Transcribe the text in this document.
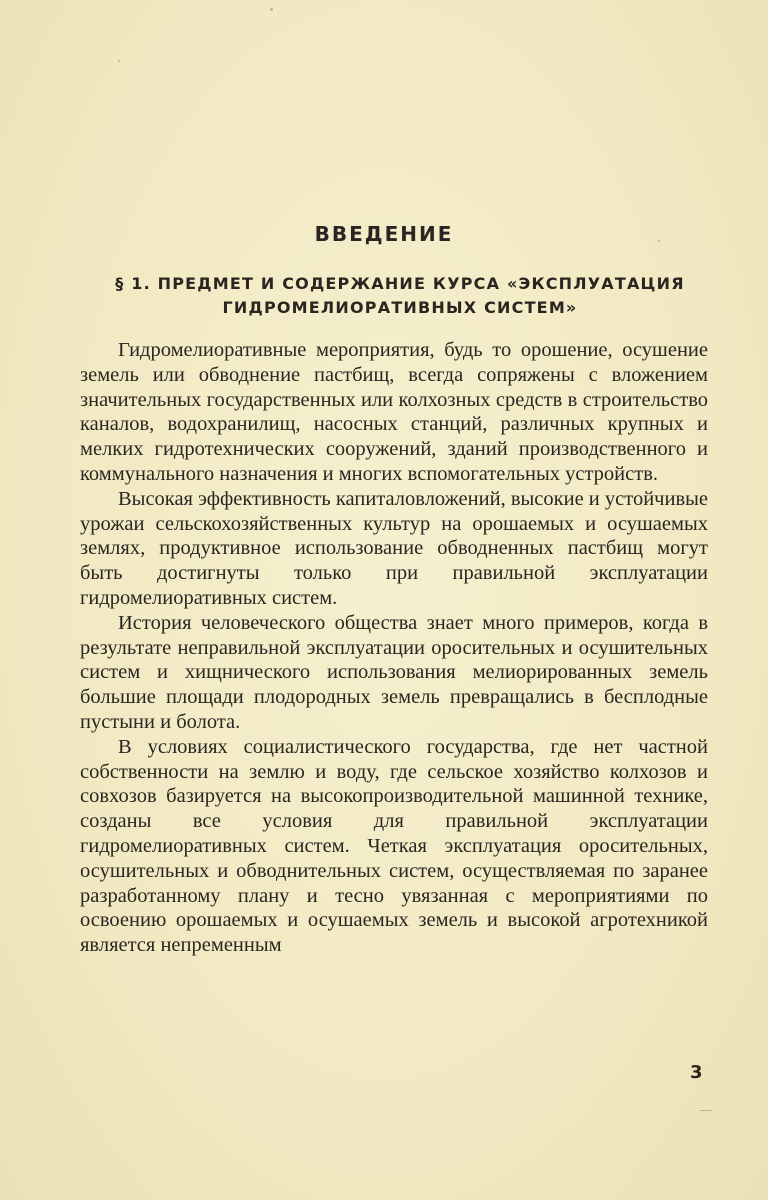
ВВЕДЕНИЕ
§ 1. ПРЕДМЕТ И СОДЕРЖАНИЕ КУРСА «ЭКСПЛУАТАЦИЯ
ГИДРОМЕЛИОРАТИВНЫХ СИСТЕМ»

Гидромелиоративные мероприятия, будь то орошение, осушение земель или обводнение пастбищ, всегда сопряжены с вложением значительных государственных или колхозных средств в строительство каналов, водохранилищ, насосных станций, различных крупных и мелких гидротехнических сооружений, зданий производственного и коммунального назначения и многих вспомогательных устройств.

Высокая эффективность капиталовложений, высокие и устойчивые урожаи сельскохозяйственных культур на орошаемых и осушаемых землях, продуктивное использование обводненных пастбищ могут быть достигнуты только при правильной эксплуатации гидромелиоративных систем.

История человеческого общества знает много примеров, когда в результате неправильной эксплуатации оросительных и осушительных систем и хищнического использования мелиорированных земель большие площади плодородных земель превращались в бесплодные пустыни и болота.

В условиях социалистического государства, где нет частной собственности на землю и воду, где сельское хозяйство колхозов и совхозов базируется на высокопроизводительной машинной технике, созданы все условия для правильной эксплуатации гидромелиоративных систем. Четкая эксплуатация оросительных, осушительных и обводнительных систем, осуществляемая по заранее разработанному плану и тесно увязанная с мероприятиями по освоению орошаемых и осушаемых земель и высокой агротехникой является непременным

3
